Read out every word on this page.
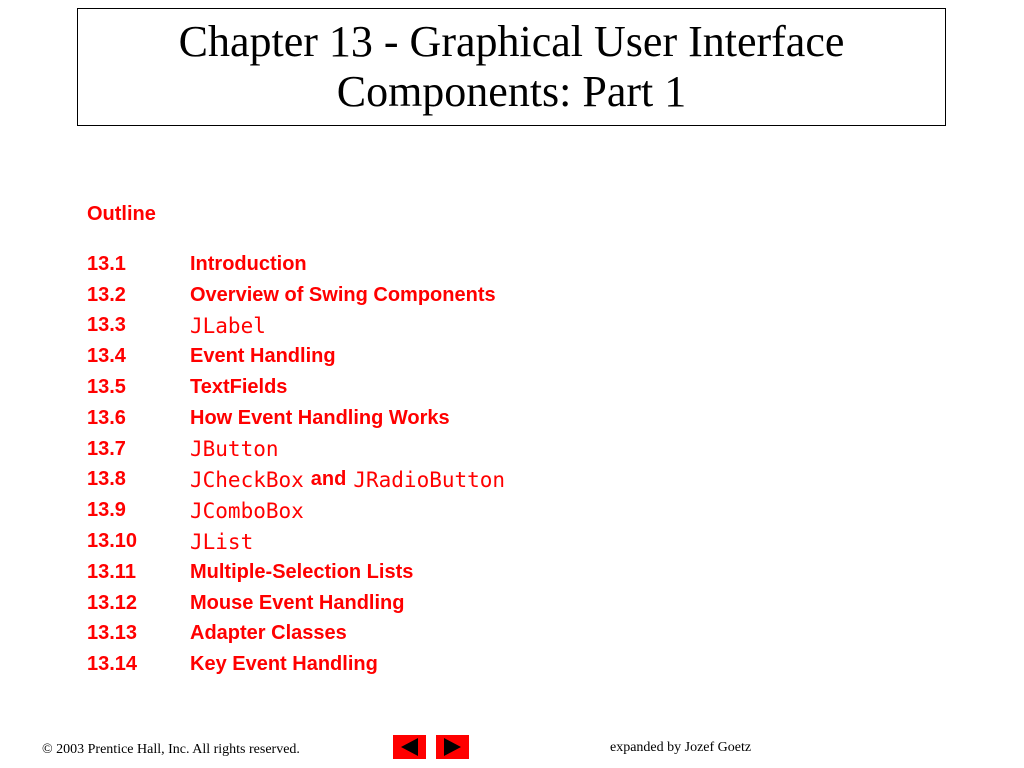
Chapter 13 - Graphical User Interface
Components: Part 1
Outline
13.1	Introduction
13.2	Overview of Swing Components
13.3	JLabel
13.4	Event Handling
13.5	TextFields
13.6	How Event Handling Works
13.7	JButton
13.8	JCheckBox and JRadioButton
13.9	JComboBox
13.10	JList
13.11	Multiple-Selection Lists
13.12	Mouse Event Handling
13.13	Adapter Classes
13.14	Key Event Handling
© 2003 Prentice Hall, Inc. All rights reserved.	expanded by Jozef Goetz
